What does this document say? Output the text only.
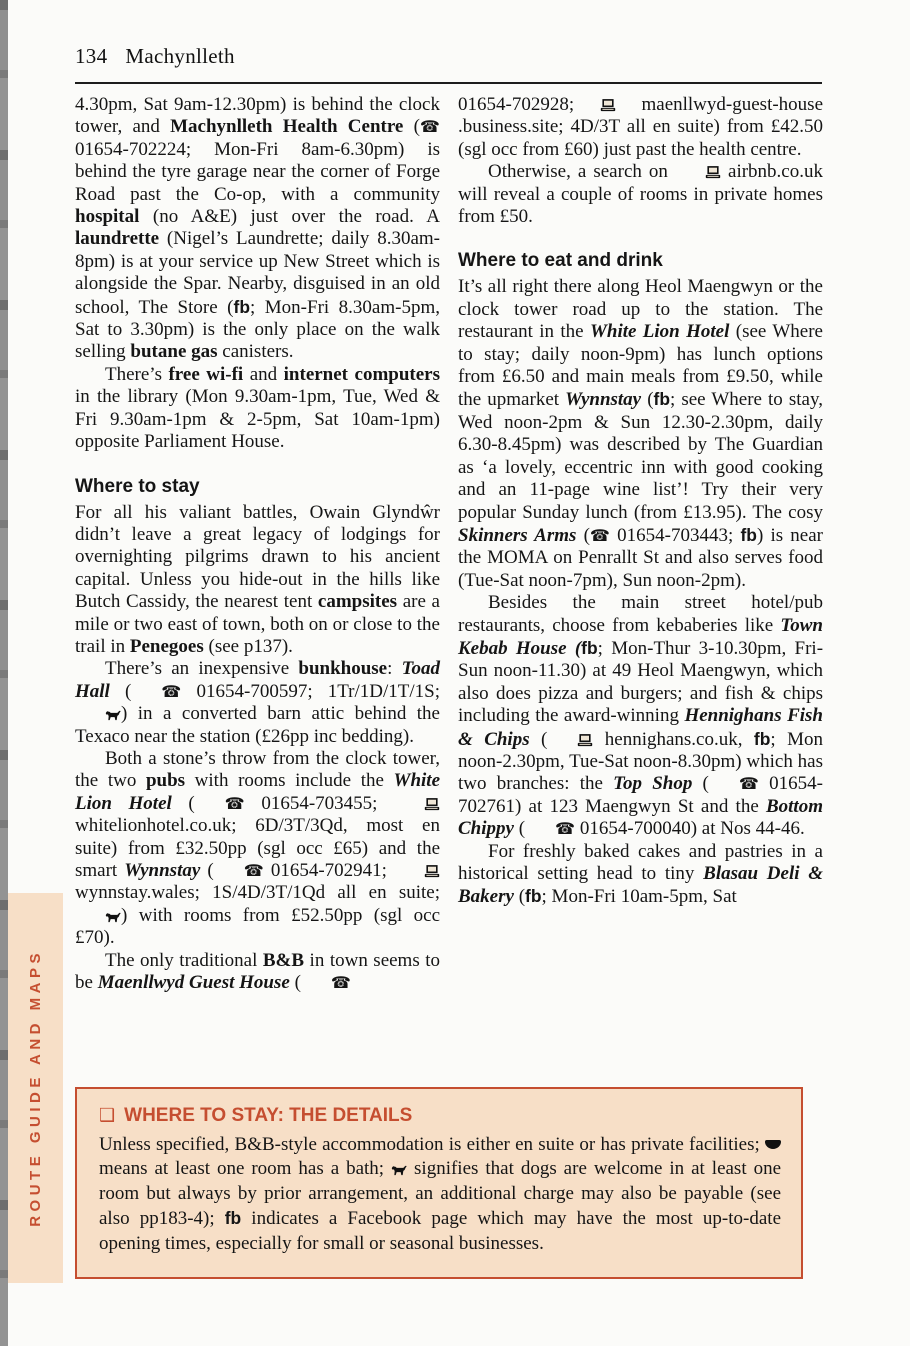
134 Machynlleth

4.30pm, Sat 9am-12.30pm) is behind the clock tower, and Machynlleth Health Centre (☎ 01654-702224; Mon-Fri 8am-6.30pm) is behind the tyre garage near the corner of Forge Road past the Co-op, with a community hospital (no A&E) just over the road. A laundrette (Nigel’s Laundrette; daily 8.30am-8pm) is at your service up New Street which is alongside the Spar. Nearby, disguised in an old school, The Store (fb; Mon-Fri 8.30am-5pm, Sat to 3.30pm) is the only place on the walk selling butane gas canisters.

There’s free wi-fi and internet computers in the library (Mon 9.30am-1pm, Tue, Wed & Fri 9.30am-1pm & 2-5pm, Sat 10am-1pm) opposite Parliament House.

Where to stay

For all his valiant battles, Owain Glyndŵr didn’t leave a great legacy of lodgings for overnighting pilgrims drawn to his ancient capital. Unless you hide-out in the hills like Butch Cassidy, the nearest tent campsites are a mile or two east of town, both on or close to the trail in Penegoes (see p137).

There’s an inexpensive bunkhouse: Toad Hall ( ☎ 01654-700597; 1Tr/1D/1T/1S; ) in a converted barn attic behind the Texaco near the station (£26pp inc bedding).

Both a stone’s throw from the clock tower, the two pubs with rooms include the White Lion Hotel ( ☎ 01654-703455;  whitelionhotel.co.uk; 6D/3T/3Qd, most en suite) from £32.50pp (sgl occ £65) and the smart Wynnstay ( ☎ 01654-702941;  wynnstay.wales; 1S/4D/3T/1Qd all en suite; ) with rooms from £52.50pp (sgl occ £70).

The only traditional B&B in town seems to be Maenllwyd Guest House ( ☎

01654-702928;  maenllwyd-guest-house .business.site; 4D/3T all en suite) from £42.50 (sgl occ from £60) just past the health centre.

Otherwise, a search on  airbnb.co.uk will reveal a couple of rooms in private homes from £50.

Where to eat and drink

It’s all right there along Heol Maengwyn or the clock tower road up to the station. The restaurant in the White Lion Hotel (see Where to stay; daily noon-9pm) has lunch options from £6.50 and main meals from £9.50, while the upmarket Wynnstay (fb; see Where to stay, Wed noon-2pm & Sun 12.30-2.30pm, daily 6.30-8.45pm) was described by The Guardian as ‘a lovely, eccentric inn with good cooking and an 11-page wine list’! Try their very popular Sunday lunch (from £13.95). The cosy Skinners Arms (☎ 01654-703443; fb) is near the MOMA on Penrallt St and also serves food (Tue-Sat noon-7pm), Sun noon-2pm).

Besides the main street hotel/pub restaurants, choose from kebaberies like Town Kebab House (fb; Mon-Thur 3-10.30pm, Fri-Sun noon-11.30) at 49 Heol Maengwyn, which also does pizza and burgers; and fish & chips including the award-winning Hennighans Fish & Chips ( hennighans.co.uk, fb; Mon noon-2.30pm, Tue-Sat noon-8.30pm) which has two branches: the Top Shop ( ☎ 01654-702761) at 123 Maengwyn St and the Bottom Chippy ( ☎ 01654-700040) at Nos 44-46.

For freshly baked cakes and pastries in a historical setting head to tiny Blasau Deli & Bakery (fb; Mon-Fri 10am-5pm, Sat

ROUTE GUIDE AND MAPS	❑ WHERE TO STAY: THE DETAILS

Unless specified, B&B-style accommodation is either en suite or has private facilities;  means at least one room has a bath;  signifies that dogs are welcome in at least one room but always by prior arrangement, an additional charge may also be payable (see also pp183-4); fb indicates a Facebook page which may have the most up-to-date opening times, especially for small or seasonal businesses.
